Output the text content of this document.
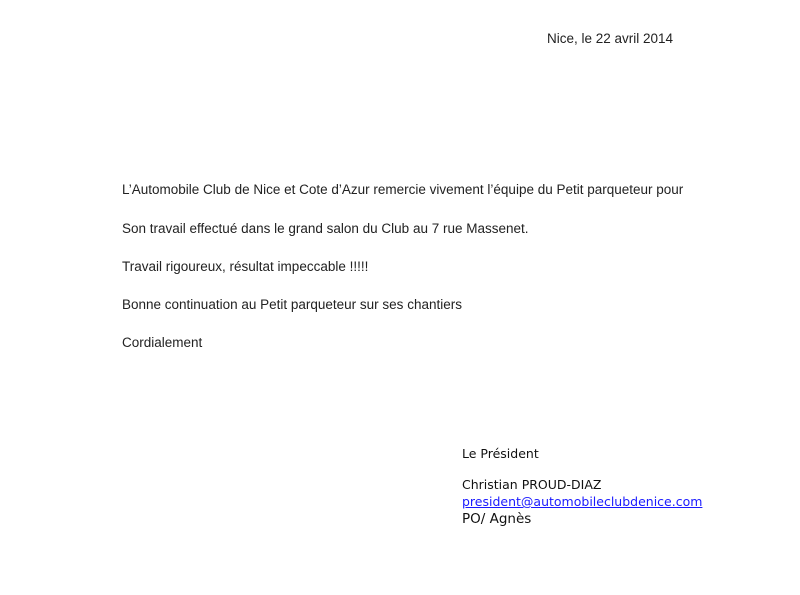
Nice, le 22 avril 2014
L’Automobile Club de Nice et Cote d’Azur remercie vivement l’équipe du Petit parqueteur pour
Son travail effectué dans le grand salon du Club au 7 rue Massenet.
Travail rigoureux, résultat impeccable !!!!!
Bonne continuation au Petit parqueteur sur ses chantiers
Cordialement
Le Président
Christian PROUD-DIAZ
president@automobileclubdenice.com
PO/ Agnès
